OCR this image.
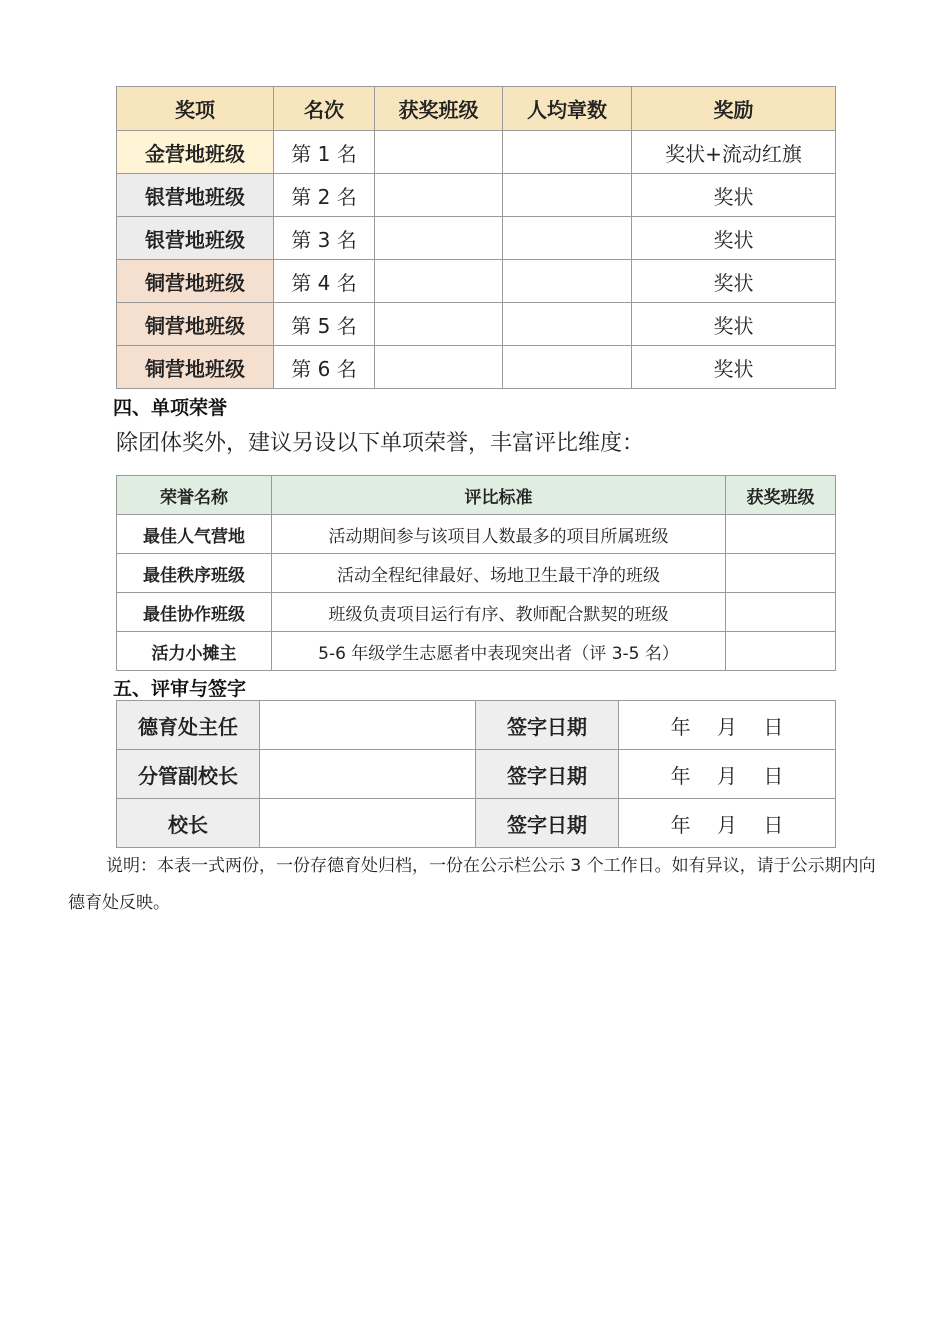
奖项	名次	获奖班级	人均章数	奖励
金营地班级	第 1 名			奖状+流动红旗
银营地班级	第 2 名			奖状
银营地班级	第 3 名			奖状
铜营地班级	第 4 名			奖状
铜营地班级	第 5 名			奖状
铜营地班级	第 6 名			奖状
四、单项荣誉
除团体奖外，建议另设以下单项荣誉，丰富评比维度：
荣誉名称	评比标准	获奖班级
最佳人气营地	活动期间参与该项目人数最多的项目所属班级	
最佳秩序班级	活动全程纪律最好、场地卫生最干净的班级	
最佳协作班级	班级负责项目运行有序、教师配合默契的班级	
活力小摊主	5-6 年级学生志愿者中表现突出者（评 3-5 名）	
五、评审与签字
德育处主任		签字日期	年 月 日
分管副校长		签字日期	年 月 日
校长		签字日期	年 月 日
说明：本表一式两份，一份存德育处归档，一份在公示栏公示 3 个工作日。如有异议，请于公示期内向德育处反映。
